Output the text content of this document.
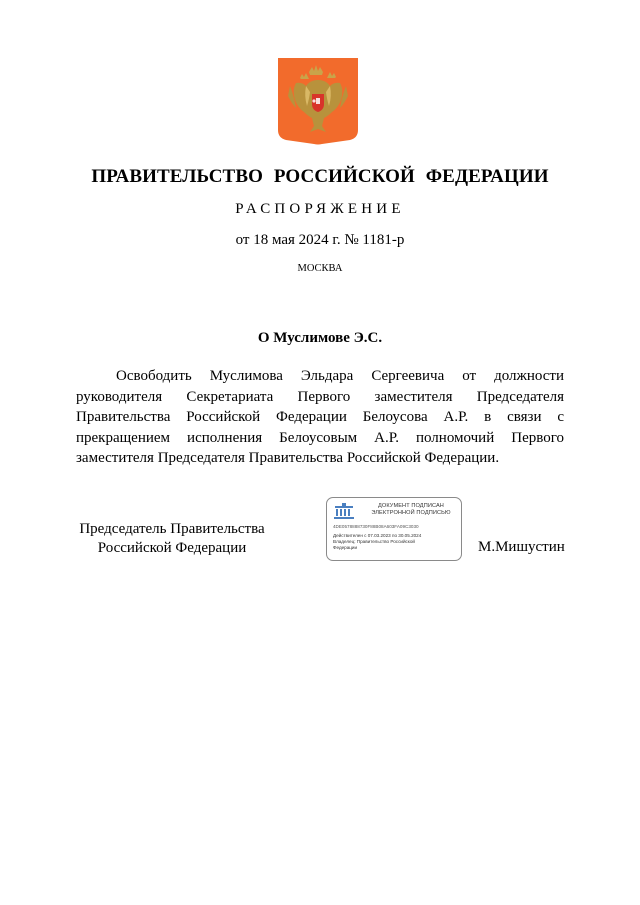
ПРАВИТЕЛЬСТВО РОССИЙСКОЙ ФЕДЕРАЦИИ
РАСПОРЯЖЕНИЕ
от 18 мая 2024 г. № 1181-р
МОСКВА
О Муслимове Э.С.
Освободить Муслимова Эльдара Сергеевича от должности руководителя Секретариата Первого заместителя Председателя Правительства Российской Федерации Белоусова А.Р. в связи с прекращением исполнения Белоусовым А.Р. полномочий Первого заместителя Председателя Правительства Российской Федерации.
Председатель Правительства
Российской Федерации
ДОКУМЕНТ ПОДПИСАН
ЭЛЕКТРОННОЙ ПОДПИСЬЮ
4DE0578888730F88B08A603FA09C3030
Действителен с 07.03.2023 по 30.05.2024
Владелец: Правительство Российской
Федерации	М.Мишустин
